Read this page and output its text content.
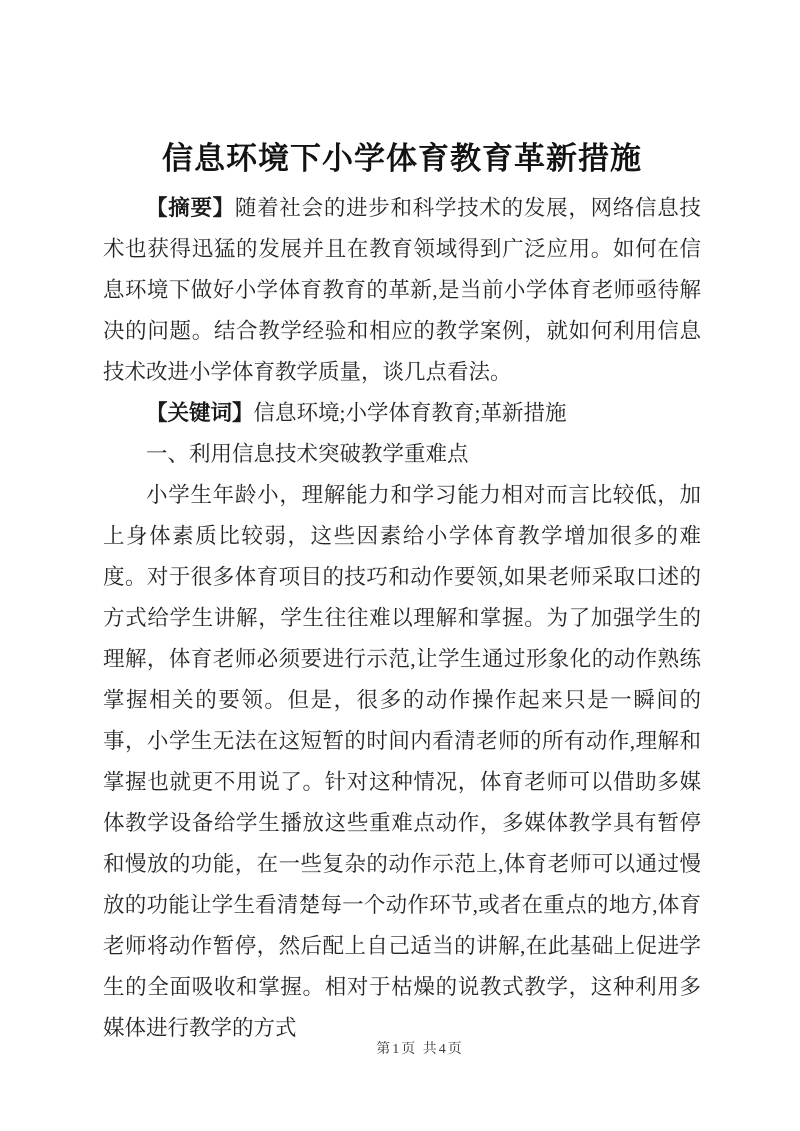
信息环境下小学体育教育革新措施

【摘要】随着社会的进步和科学技术的发展，网络信息技术也获得迅猛的发展并且在教育领域得到广泛应用。如何在信息环境下做好小学体育教育的革新,是当前小学体育老师亟待解决的问题。结合教学经验和相应的教学案例，就如何利用信息技术改进小学体育教学质量，谈几点看法。

【关键词】信息环境;小学体育教育;革新措施

一、利用信息技术突破教学重难点

小学生年龄小，理解能力和学习能力相对而言比较低，加上身体素质比较弱，这些因素给小学体育教学增加很多的难度。对于很多体育项目的技巧和动作要领,如果老师采取口述的方式给学生讲解，学生往往难以理解和掌握。为了加强学生的理解，体育老师必须要进行示范,让学生通过形象化的动作熟练掌握相关的要领。但是，很多的动作操作起来只是一瞬间的事，小学生无法在这短暂的时间内看清老师的所有动作,理解和掌握也就更不用说了。针对这种情况，体育老师可以借助多媒体教学设备给学生播放这些重难点动作，多媒体教学具有暂停和慢放的功能，在一些复杂的动作示范上,体育老师可以通过慢放的功能让学生看清楚每一个动作环节,或者在重点的地方,体育老师将动作暂停，然后配上自己适当的讲解,在此基础上促进学生的全面吸收和掌握。相对于枯燥的说教式教学，这种利用多媒体进行教学的方式

第1页 共4页
